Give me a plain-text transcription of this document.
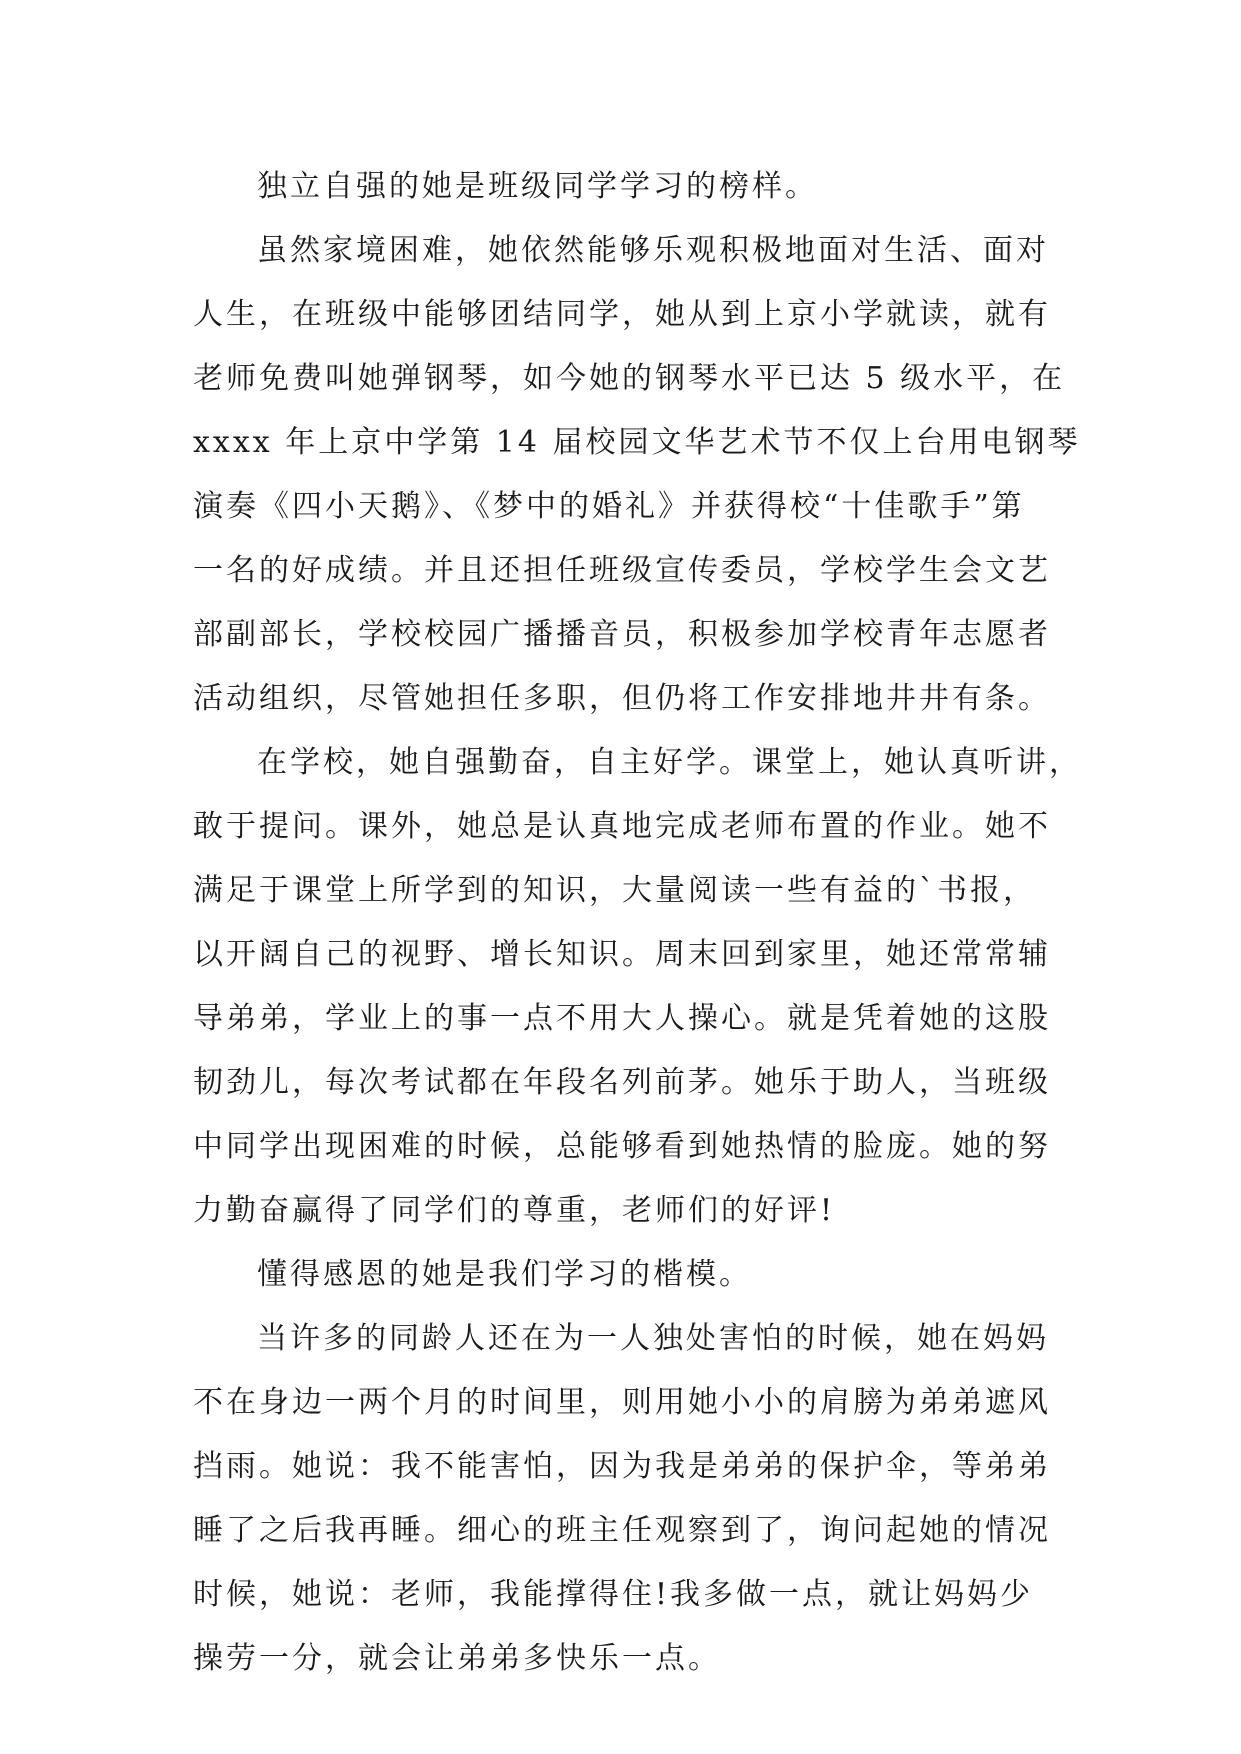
独立自强的她是班级同学学习的榜样。
虽然家境困难，她依然能够乐观积极地面对生活、面对
人生，在班级中能够团结同学，她从到上京小学就读，就有
老师免费叫她弹钢琴，如今她的钢琴水平已达 5 级水平，在
xxxx 年上京中学第 14 届校园文华艺术节不仅上台用电钢琴
演奏《四小天鹅》、《梦中的婚礼》并获得校“十佳歌手”第
一名的好成绩。并且还担任班级宣传委员，学校学生会文艺
部副部长，学校校园广播播音员，积极参加学校青年志愿者
活动组织，尽管她担任多职，但仍将工作安排地井井有条。
在学校，她自强勤奋，自主好学。课堂上，她认真听讲，
敢于提问。课外，她总是认真地完成老师布置的作业。她不
满足于课堂上所学到的知识，大量阅读一些有益的`书报，
以开阔自己的视野、增长知识。周末回到家里，她还常常辅
导弟弟，学业上的事一点不用大人操心。就是凭着她的这股
韧劲儿，每次考试都在年段名列前茅。她乐于助人，当班级
中同学出现困难的时候，总能够看到她热情的脸庞。她的努
力勤奋赢得了同学们的尊重，老师们的好评!
懂得感恩的她是我们学习的楷模。
当许多的同龄人还在为一人独处害怕的时候，她在妈妈
不在身边一两个月的时间里，则用她小小的肩膀为弟弟遮风
挡雨。她说：我不能害怕，因为我是弟弟的保护伞，等弟弟
睡了之后我再睡。细心的班主任观察到了，询问起她的情况
时候，她说：老师，我能撑得住!我多做一点，就让妈妈少
操劳一分，就会让弟弟多快乐一点。
